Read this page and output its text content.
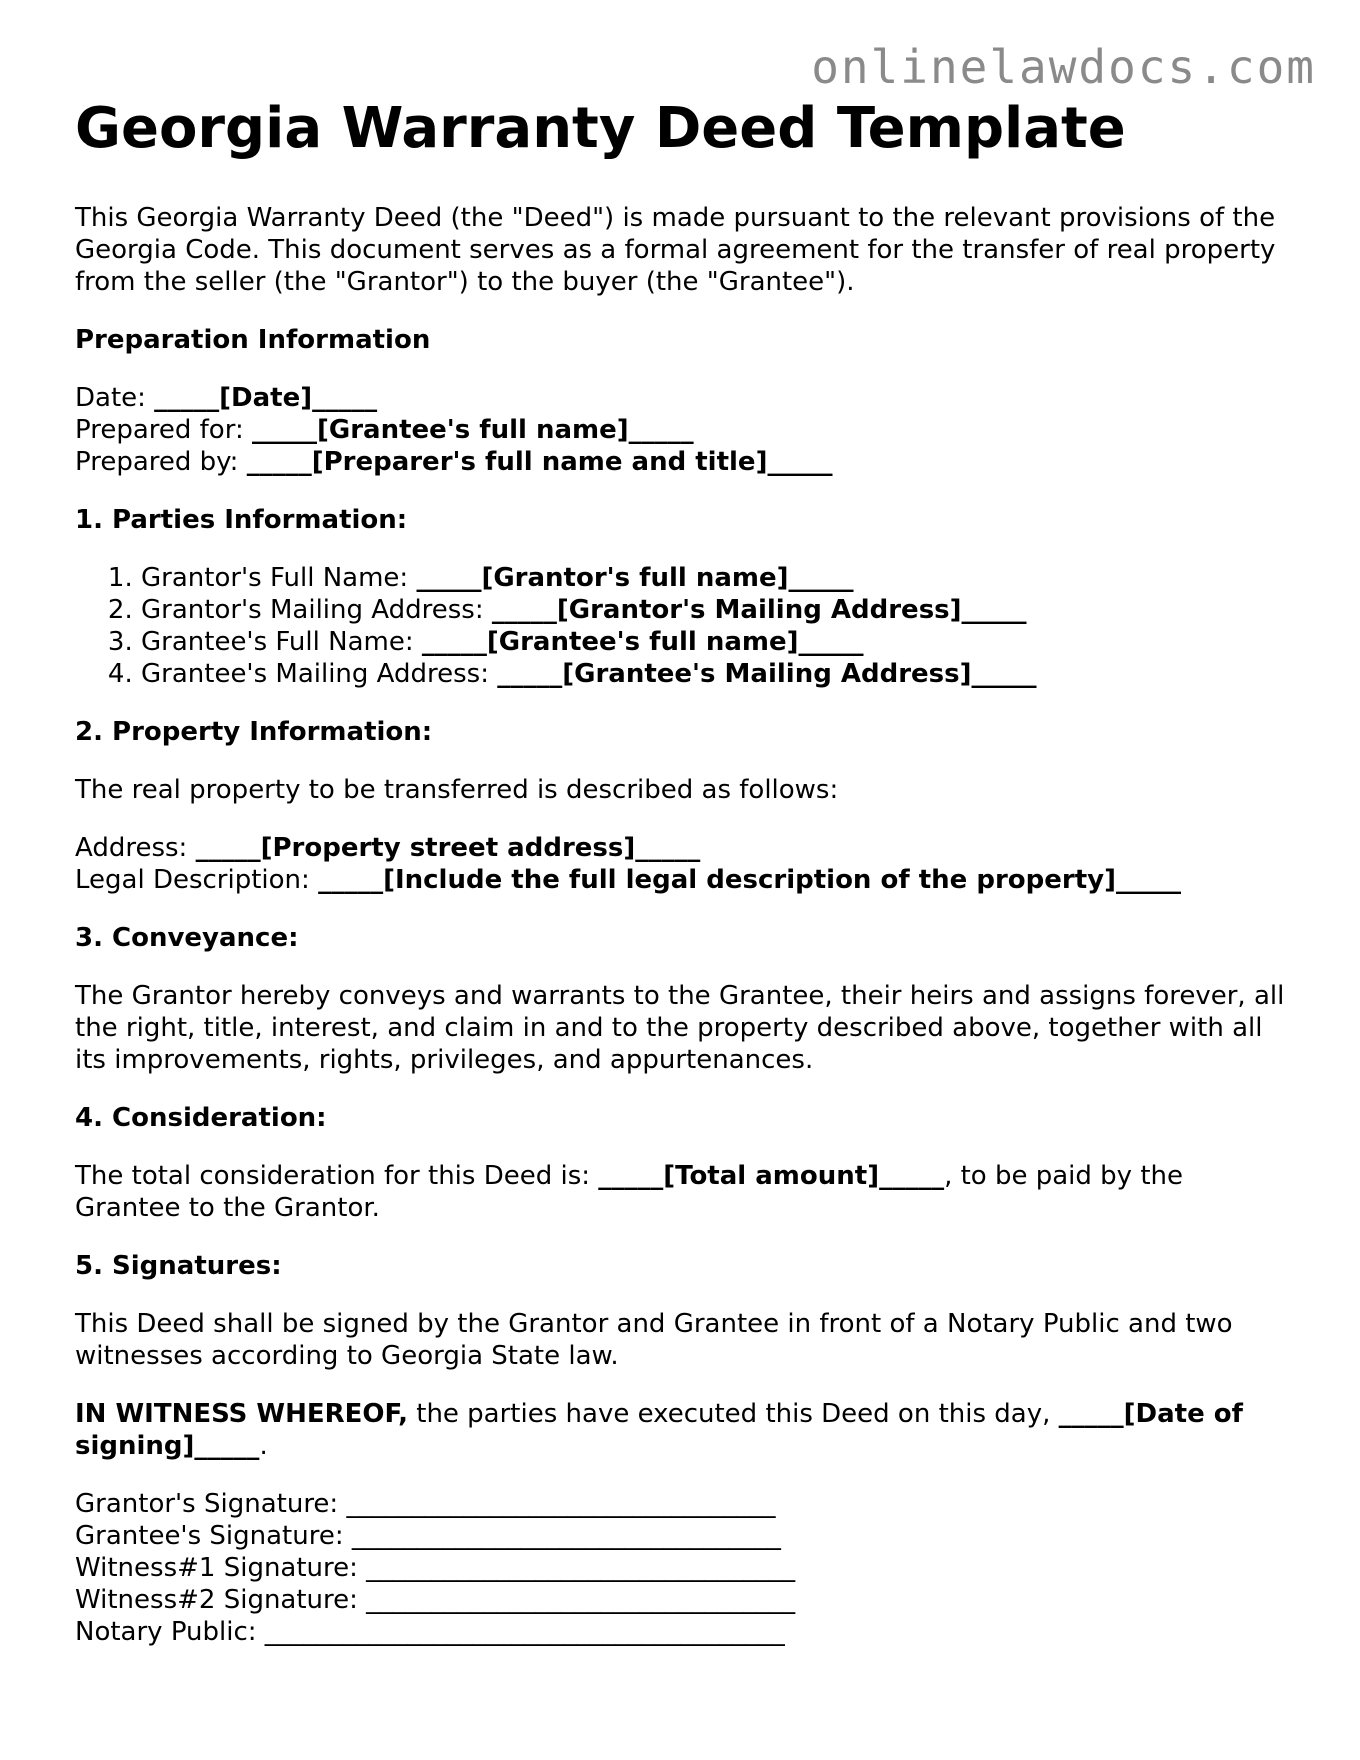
onlinelawdocs.com
Georgia Warranty Deed Template

This Georgia Warranty Deed (the "Deed") is made pursuant to the relevant provisions of the Georgia Code. This document serves as a formal agreement for the transfer of real property from the seller (the "Grantor") to the buyer (the "Grantee").

Preparation Information

Date: _____[Date]_____

Prepared for: _____[Grantee's full name]_____

Prepared by: _____[Preparer's full name and title]_____

1. Parties Information:

1. Grantor's Full Name: _____[Grantor's full name]_____
2. Grantor's Mailing Address: _____[Grantor's Mailing Address]_____
3. Grantee's Full Name: _____[Grantee's full name]_____
4. Grantee's Mailing Address: _____[Grantee's Mailing Address]_____

2. Property Information:

The real property to be transferred is described as follows:

Address: _____[Property street address]_____

Legal Description: _____[Include the full legal description of the property]_____

3. Conveyance:

The Grantor hereby conveys and warrants to the Grantee, their heirs and assigns forever, all the right, title, interest, and claim in and to the property described above, together with all its improvements, rights, privileges, and appurtenances.

4. Consideration:

The total consideration for this Deed is: _____[Total amount]_____, to be paid by the Grantee to the Grantor.

5. Signatures:

This Deed shall be signed by the Grantor and Grantee in front of a Notary Public and two witnesses according to Georgia State law.

IN WITNESS WHEREOF, the parties have executed this Deed on this day, _____[Date of signing]_____.

Grantor's Signature: _________________________________

Grantee's Signature: _________________________________

Witness#1 Signature: _________________________________

Witness#2 Signature: _________________________________

Notary Public: ________________________________________
